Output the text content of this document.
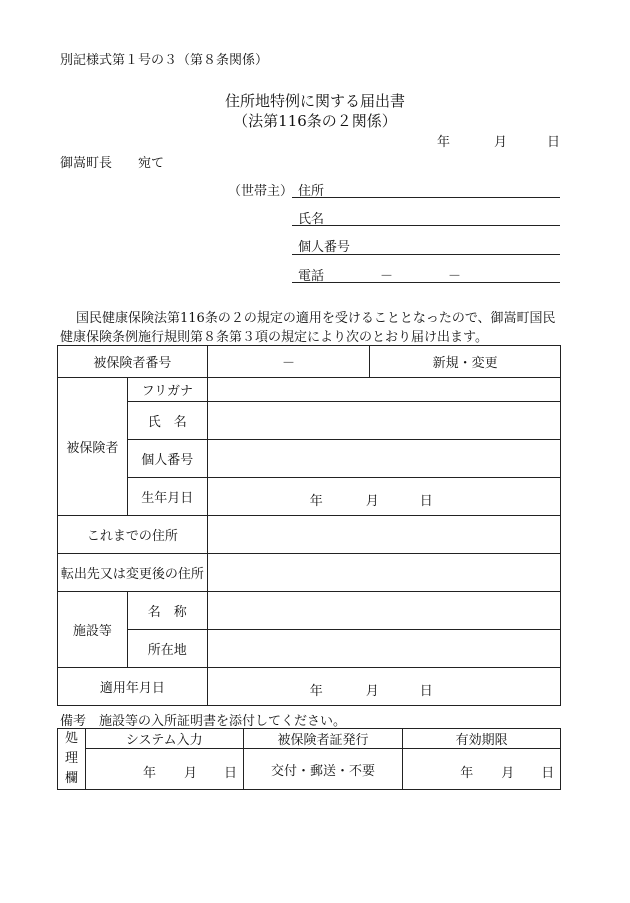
別記様式第１号の３（第８条関係）
住所地特例に関する届出書
（法第116条の２関係）
年	月	日
御嵩町長　　宛て
（世帯主） 住所
氏名
個人番号
電話	－	－
国民健康保険法第116条の２の規定の適用を受けることとなったので、御嵩町国民
健康保険条例施行規則第８条第３項の規定により次のとおり届け出ます。
被保険者番号		－	新規・変更
被保険者	フリガナ		
	氏　名		
	個人番号		
	生年月日	年 月 日	

これまでの住所			
転出先又は変更後の住所			
施設等	名　称		
	所在地		
適用年月日		年 月 日	
備考　施設等の入所証明書を添付してください。
処
理
欄	システム入力	被保険者証発行	有効期限

	年 月 日	交付・郵送・不要	年 月 日
